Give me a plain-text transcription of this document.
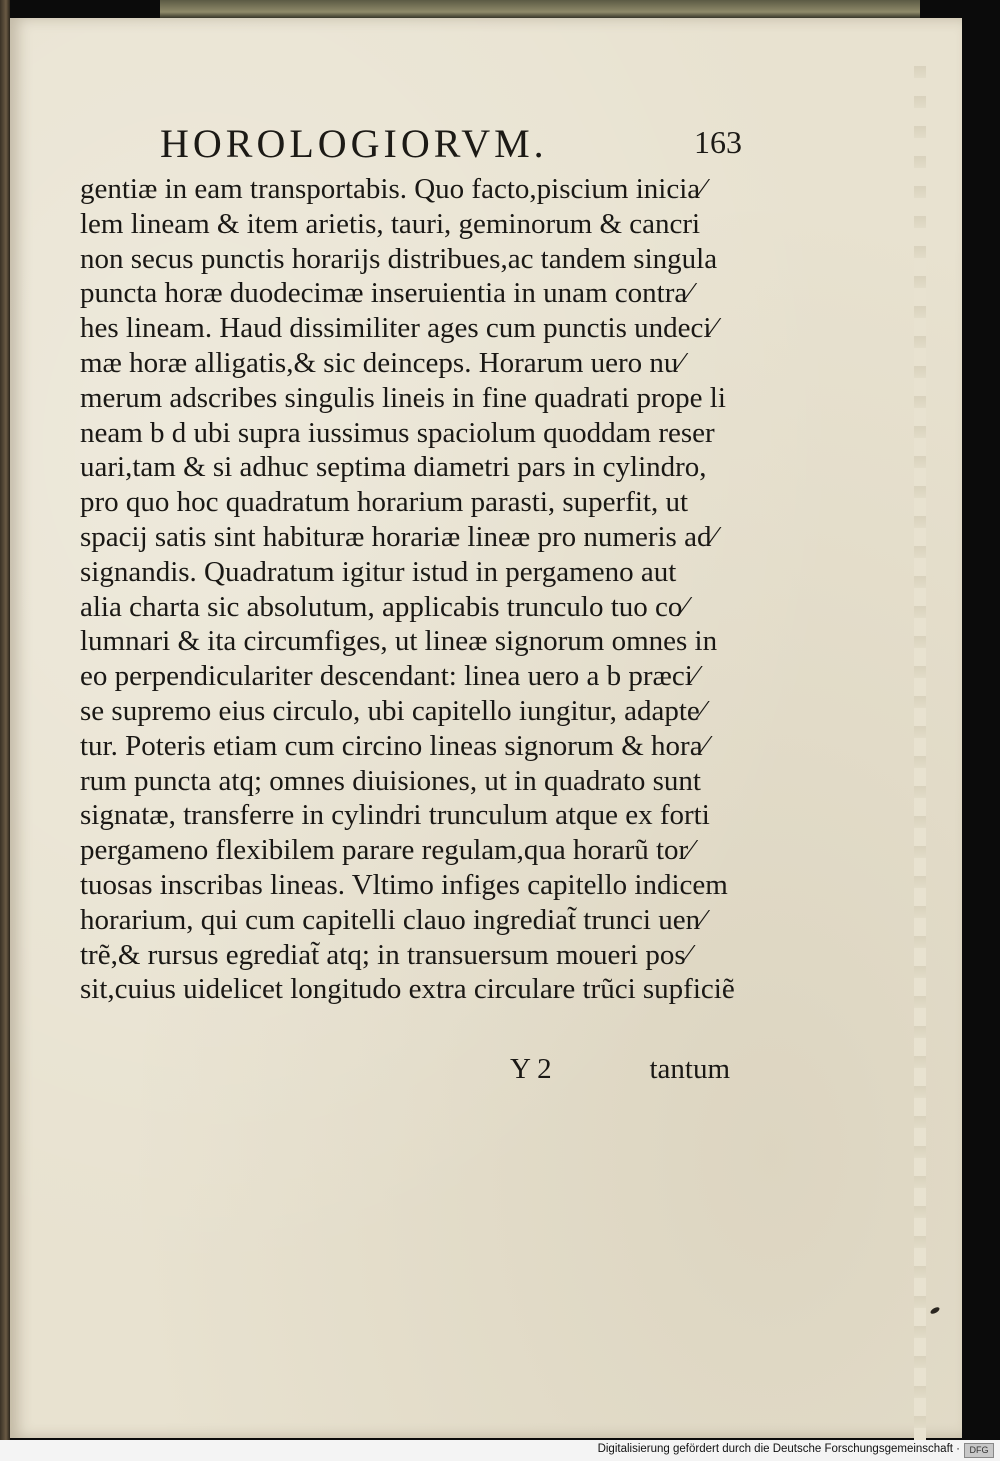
HOROLOGIORVM.	163
gentiæ in eam transportabis. Quo facto,piscium inicia⁄
lem lineam & item arietis, tauri, geminorum & cancri
non secus punctis horarijs distribues,ac tandem singula
puncta horæ duodecimæ inseruientia in unam contra⁄
hes lineam. Haud dissimiliter ages cum punctis undeci⁄
mæ horæ alligatis,& sic deinceps. Horarum uero nu⁄
merum adscribes singulis lineis in fine quadrati prope li
neam b d ubi supra iussimus spaciolum quoddam reser
uari,tam & si adhuc septima diametri pars in cylindro,
pro quo hoc quadratum horarium parasti, superfit, ut
spacij satis sint habituræ horariæ lineæ pro numeris ad⁄
signandis. Quadratum igitur istud in pergameno aut
alia charta sic absolutum, applicabis trunculo tuo co⁄
lumnari & ita circumfiges, ut lineæ signorum omnes in
eo perpendiculariter descendant: linea uero a b præci⁄
se supremo eius circulo, ubi capitello iungitur, adapte⁄
tur. Poteris etiam cum circino lineas signorum & hora⁄
rum puncta atq; omnes diuisiones, ut in quadrato sunt
signatæ, transferre in cylindri trunculum atque ex forti
pergameno flexibilem parare regulam,qua horarũ tor⁄
tuosas inscribas lineas. Vltimo infiges capitello indicem
horarium, qui cum capitelli clauo ingrediat̃ trunci uen⁄
trẽ,& rursus egrediat̃ atq; in transuersum moueri pos⁄
sit,cuius uidelicet longitudo extra circulare trũci supficiẽ
Y 2	tantum
Digitalisierung gefördert durch die Deutsche Forschungsgemeinschaft ·	DFG
